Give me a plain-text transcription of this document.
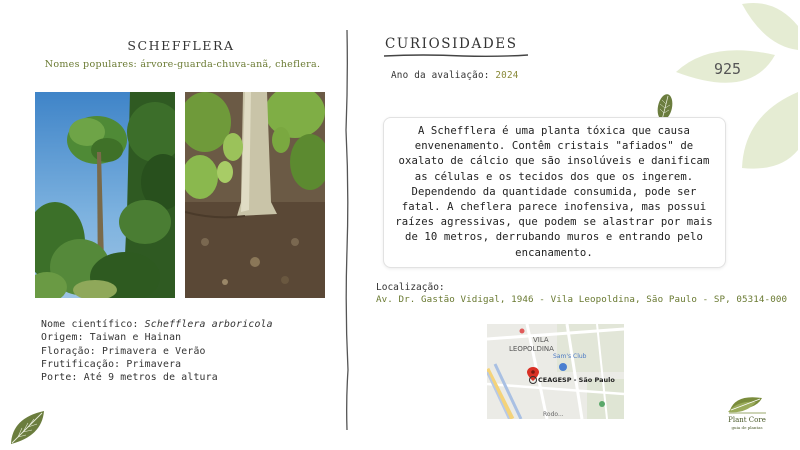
SCHEFFLERA
Nomes populares: árvore-guarda-chuva-anã, cheflera.
Nome científico: Schefflera arboricola
Origem: Taiwan e Hainan
Floração: Primavera e Verão
Frutificação: Primavera
Porte: Até 9 metros de altura
CURIOSIDADES
Ano da avaliação: 2024	925
A Schefflera é uma planta tóxica que causa envenenamento. Contêm cristais "afiados" de oxalato de cálcio que são insolúveis e danificam as células e os tecidos dos que os ingerem. Dependendo da quantidade consumida, pode ser fatal. A cheflera parece inofensiva, mas possui raízes agressivas, que podem se alastrar por mais de 10 metros, derrubando muros e entrando pelo encanamento.
Localização:
Av. Dr. Gastão Vidigal, 1946 - Vila Leopoldina, São Paulo - SP, 05314-000
VILA
LEOPOLDINA
Sam's Club
CEAGESP - São Paulo
Rodo...
Plant Core
guia de plantas
